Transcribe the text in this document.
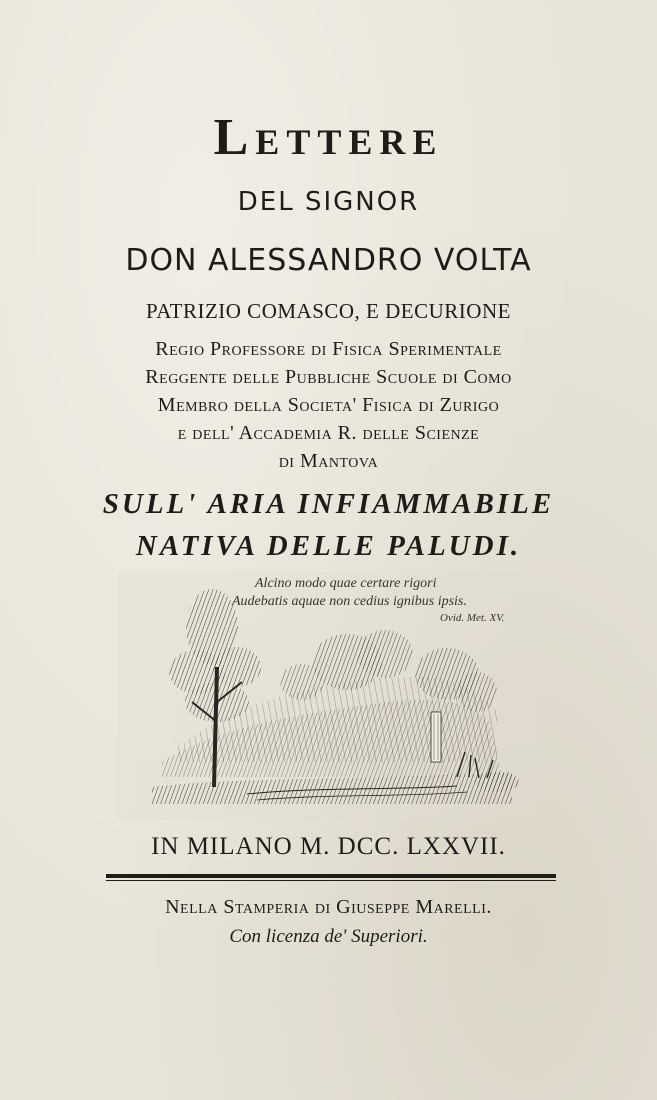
Lettere

DEL SIGNOR

DON ALESSANDRO VOLTA

PATRIZIO COMASCO, E DECURIONE

Regio Professore di Fisica Sperimentale

Reggente delle Pubbliche Scuole di Como

Membro della Societa' Fisica di Zurigo

e dell' Accademia R. delle Scienze

di Mantova

SULL' ARIA INFIAMMABILE

NATIVA DELLE PALUDI.

Alcino modo quae certare rigori
Audebatis aquae non cedius ignibus ipsis.
Ovid. Met. XV.

IN MILANO M. DCC. LXXVII.

Nella Stamperia di Giuseppe Marelli.

Con licenza de' Superiori.
